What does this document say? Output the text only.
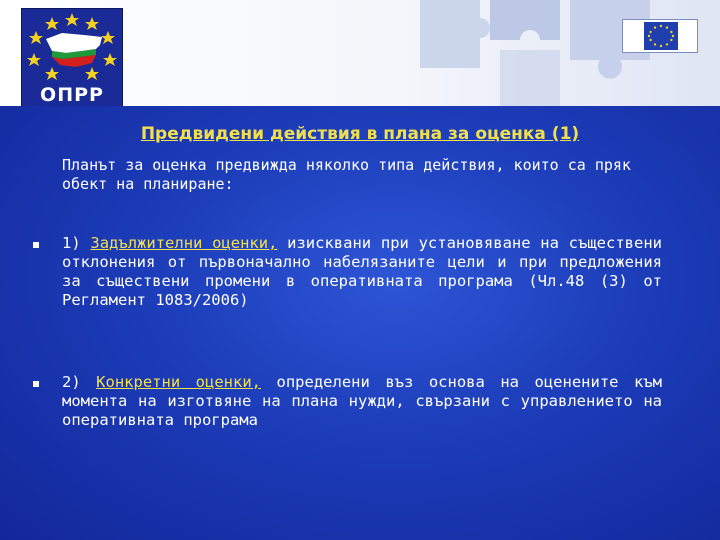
ОПРР
Предвидени действия в плана за оценка (1)
Планът за оценка предвижда няколко типа действия, които са пряк обект на планиране:
1) Задължителни оценки, изисквани при установяване на съществени отклонения от първоначално набелязаните цели и при предложения за съществени промени в оперативната програма (Чл.48 (3) от Регламент 1083/2006)
2) Конкретни оценки, определени въз основа на оценените към момента на изготвяне на плана нужди, свързани с управлението на оперативната програма
